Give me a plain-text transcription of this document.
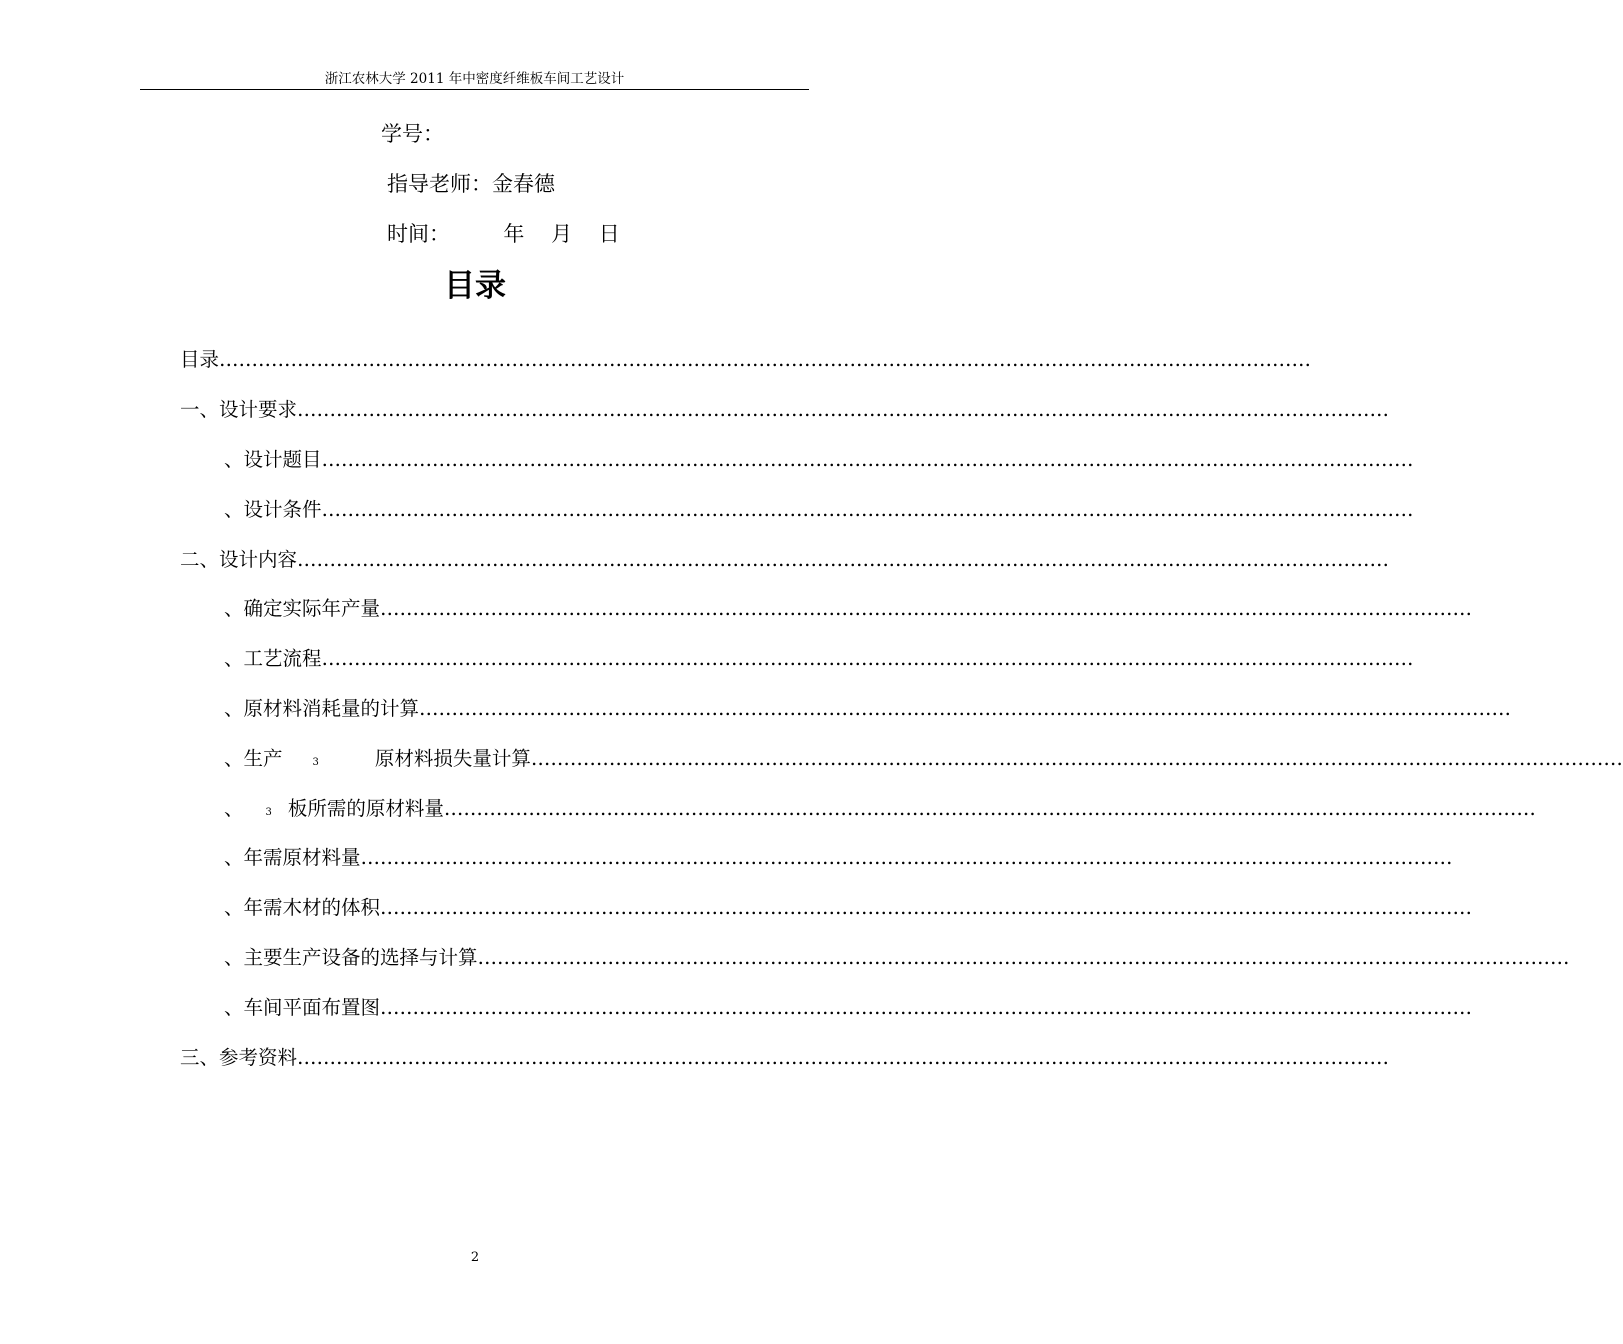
浙江农林大学 2011 年中密度纤维板车间工艺设计
学号：
指导老师：金春德
时间：        年    月    日
目录
目录 ……………………………………………………………………………………………………………………………………………………
一、设计要求 ……………………………………………………………………………………………………………………………………………………
、设计题目 ……………………………………………………………………………………………………………………………………………………
、设计条件 ……………………………………………………………………………………………………………………………………………………
二、设计内容 ……………………………………………………………………………………………………………………………………………………
、确定实际年产量 ……………………………………………………………………………………………………………………………………………………
、工艺流程 ……………………………………………………………………………………………………………………………………………………
、原材料消耗量的计算 ……………………………………………………………………………………………………………………………………………………
、生产	3	原材料损失量计算 ……………………………………………………………………………………………………………………………………………………
、 3 板所需的原材料量 ……………………………………………………………………………………………………………………………………………………
、年需原材料量 ……………………………………………………………………………………………………………………………………………………
、年需木材的体积 ……………………………………………………………………………………………………………………………………………………
、主要生产设备的选择与计算 ……………………………………………………………………………………………………………………………………………………
、车间平面布置图 ……………………………………………………………………………………………………………………………………………………
三、参考资料 ……………………………………………………………………………………………………………………………………………………
2
